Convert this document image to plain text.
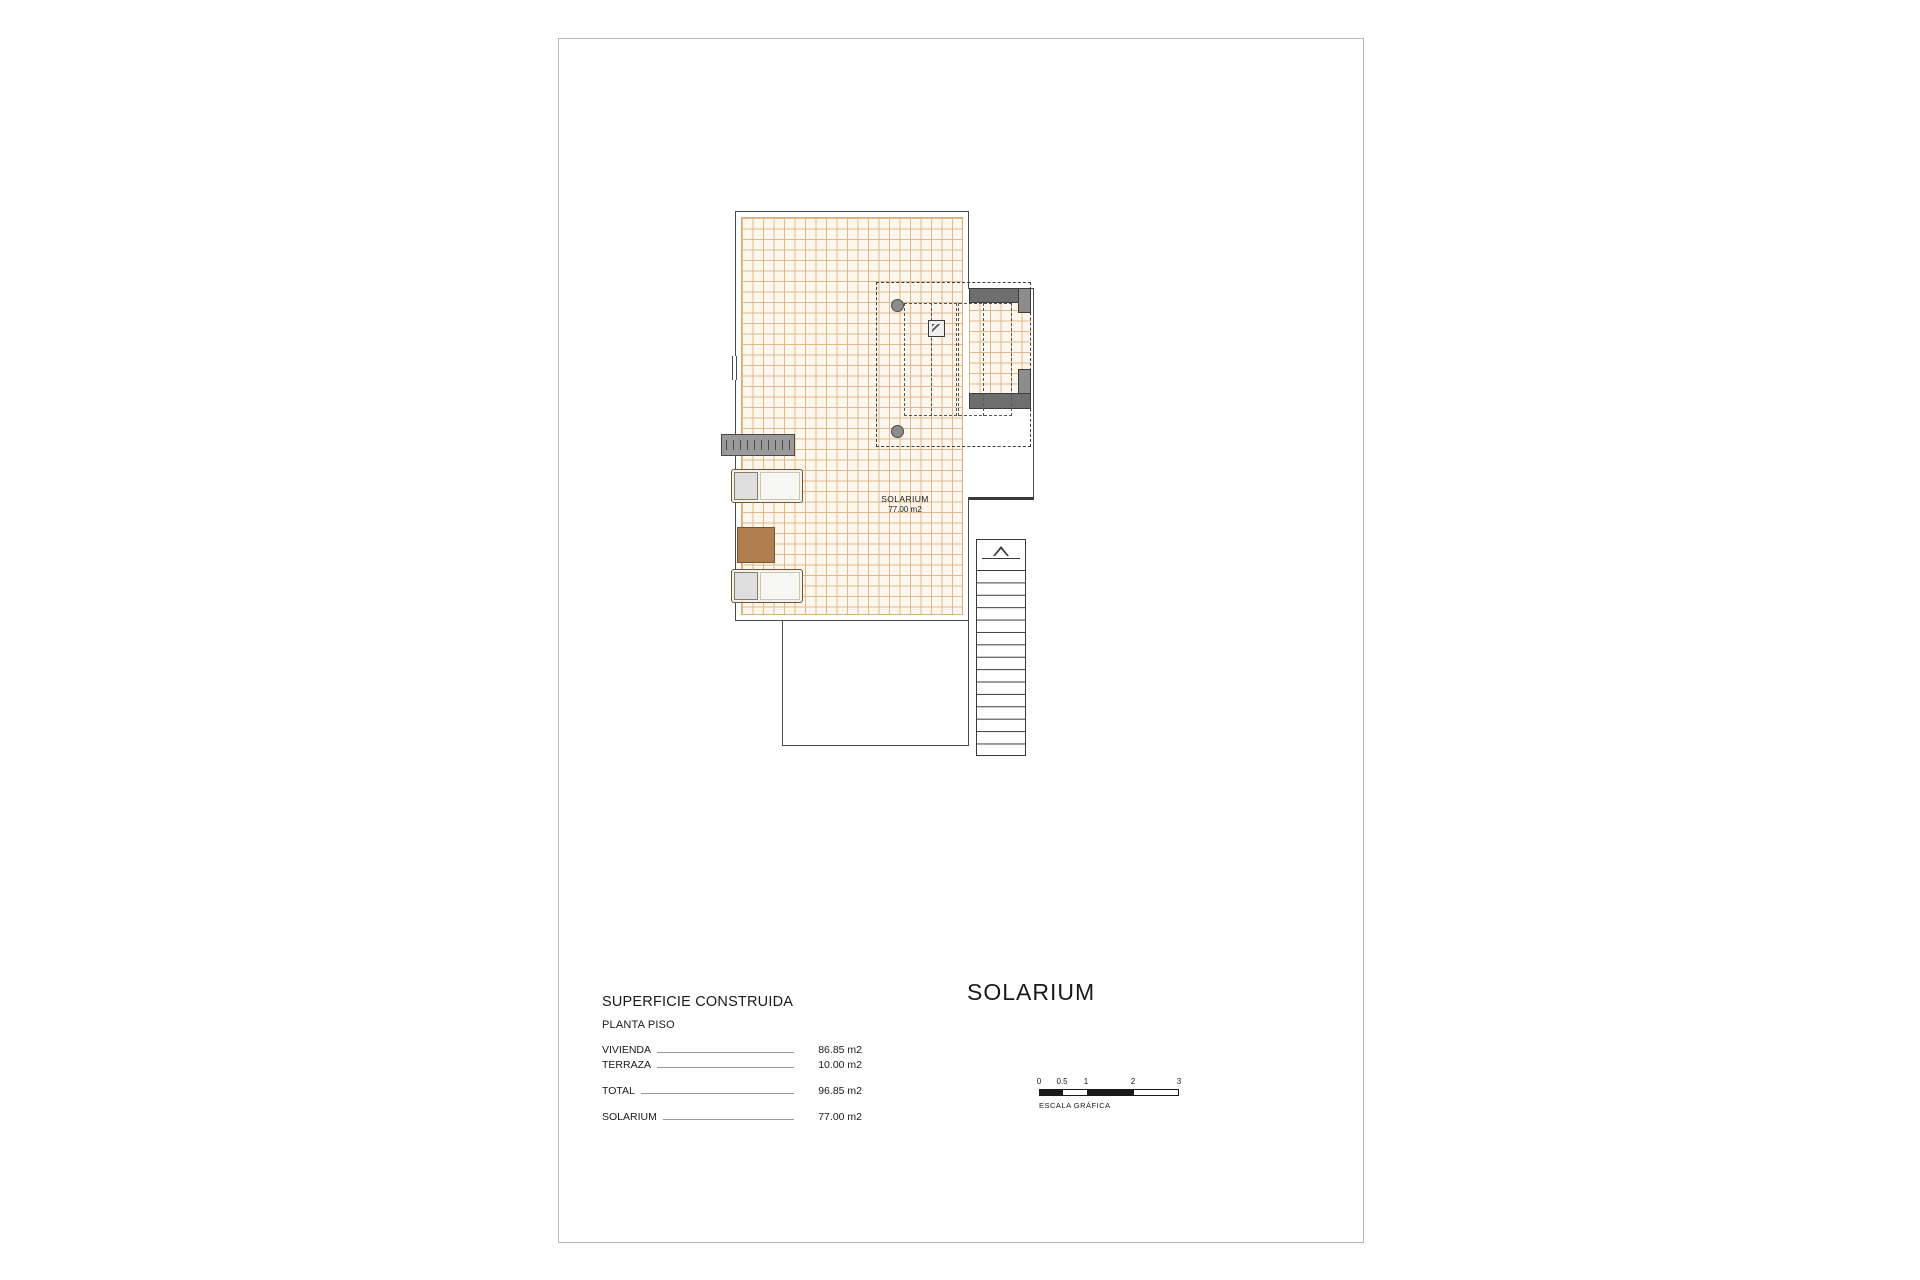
SOLARIUM
77.00 m2
SUPERFICIE CONSTRUIDA
PLANTA PISO
VIVIENDA	86.85 m2
TERRAZA	10.00 m2
TOTAL	96.85 m2
SOLARIUM	77.00 m2
SOLARIUM
0 0.5 1	2	3
ESCALA GRÁFICA
